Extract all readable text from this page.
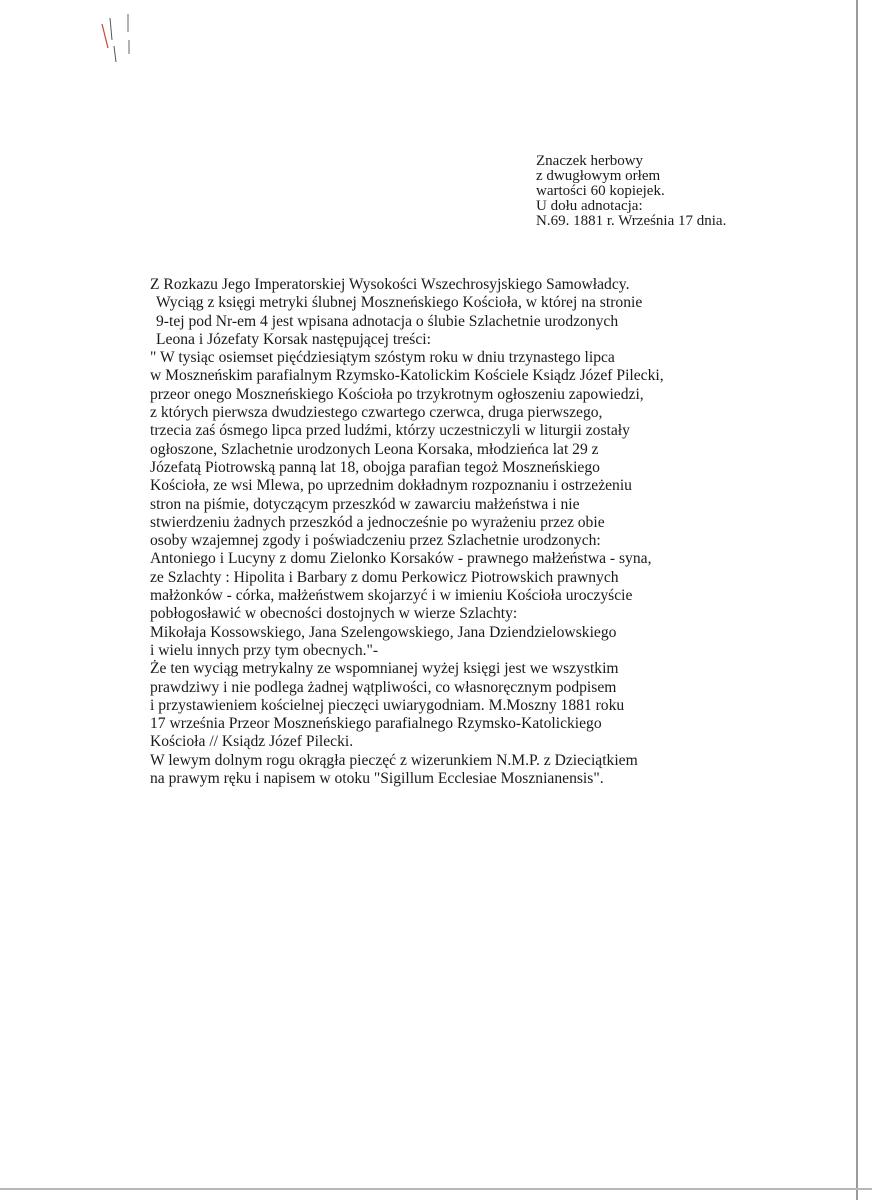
Znaczek herbowy
z dwugłowym orłem
wartości 60 kopiejek.
U dołu adnotacja:
N.69. 1881 r. Września 17 dnia.
Z Rozkazu Jego Imperatorskiej Wysokości Wszechrosyjskiego Samowładcy.
Wyciąg z księgi metryki ślubnej Moszneńskiego Kościoła, w której na stronie
9-tej pod Nr-em 4 jest wpisana adnotacja o ślubie Szlachetnie urodzonych
Leona i Józefaty Korsak następującej treści:
" W tysiąc osiemset pięćdziesiątym szóstym roku w dniu trzynastego lipca
w Moszneńskim parafialnym Rzymsko-Katolickim Kościele Ksiądz Józef Pilecki,
przeor onego Moszneńskiego Kościoła po trzykrotnym ogłoszeniu zapowiedzi,
z których pierwsza dwudziestego czwartego czerwca, druga pierwszego,
trzecia zaś ósmego lipca przed ludźmi, którzy uczestniczyli w liturgii zostały
ogłoszone, Szlachetnie urodzonych Leona Korsaka, młodzieńca lat 29 z
Józefatą Piotrowską panną lat 18, obojga parafian tegoż Moszneńskiego
Kościoła, ze wsi Mlewa, po uprzednim dokładnym rozpoznaniu i ostrzeżeniu
stron na piśmie, dotyczącym przeszkód w zawarciu małżeństwa i nie
stwierdzeniu żadnych przeszkód a jednocześnie po wyrażeniu przez obie
osoby wzajemnej zgody i poświadczeniu przez Szlachetnie urodzonych:
Antoniego i Lucyny z domu Zielonko Korsaków - prawnego małżeństwa - syna,
ze Szlachty : Hipolita i Barbary z domu Perkowicz Piotrowskich prawnych
małżonków - córka, małżeństwem skojarzyć i w imieniu Kościoła uroczyście
pobłogosławić w obecności dostojnych w wierze Szlachty:
Mikołaja Kossowskiego, Jana Szelengowskiego, Jana Dziendzielowskiego
i wielu innych przy tym obecnych."-
Że ten wyciąg metrykalny ze wspomnianej wyżej księgi jest we wszystkim
prawdziwy i nie podlega żadnej wątpliwości, co własnoręcznym podpisem
i przystawieniem kościelnej pieczęci uwiarygodniam. M.Moszny 1881 roku
17 września Przeor Moszneńskiego parafialnego Rzymsko-Katolickiego
Kościoła // Ksiądz Józef Pilecki.
W lewym dolnym rogu okrągła pieczęć z wizerunkiem N.M.P. z Dzieciątkiem
na prawym ręku i napisem w otoku "Sigillum Ecclesiae Mosznianensis".
